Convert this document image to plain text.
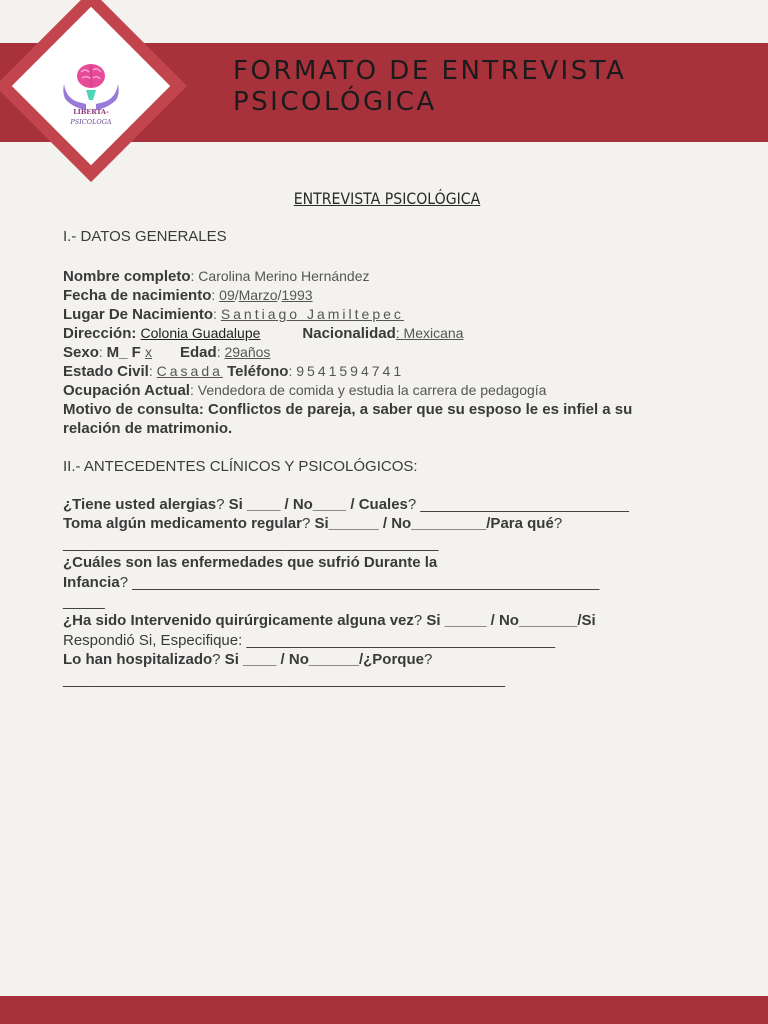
FORMATO DE ENTREVISTA
PSICOLÓGICA
LIBERTA-
PSICOLOGA
ENTREVISTA PSICOLÓGICA
I.- DATOS GENERALES
Nombre completo: Carolina Merino Hernández
Fecha de nacimiento: 09/Marzo/1993
Lugar De Nacimiento: Santiago Jamiltepec
Dirección: Colonia Guadalupe	Nacionalidad: Mexicana
Sexo: M_ F x Edad: 29años
Estado Civil: Casada Teléfono: 9541594741
Ocupación Actual: Vendedora de comida y estudia la carrera de pedagogía
Motivo de consulta: Conflictos de pareja, a saber que su esposo le es infiel a su relación de matrimonio.
II.- ANTECEDENTES CLÍNICOS Y PSICOLÓGICOS:
¿Tiene usted alergias? Si ____ / No____ / Cuales? _________________________
Toma algún medicamento regular? Si______ / No_________/Para qué?
_____________________________________________
¿Cuáles son las enfermedades que sufrió Durante la
Infancia? ________________________________________________________
_____
¿Ha sido Intervenido quirúrgicamente alguna vez? Si _____ / No_______/Si
Respondió Si, Especifique: _____________________________________
Lo han hospitalizado? Si ____ / No______/¿Porque?
_____________________________________________________
